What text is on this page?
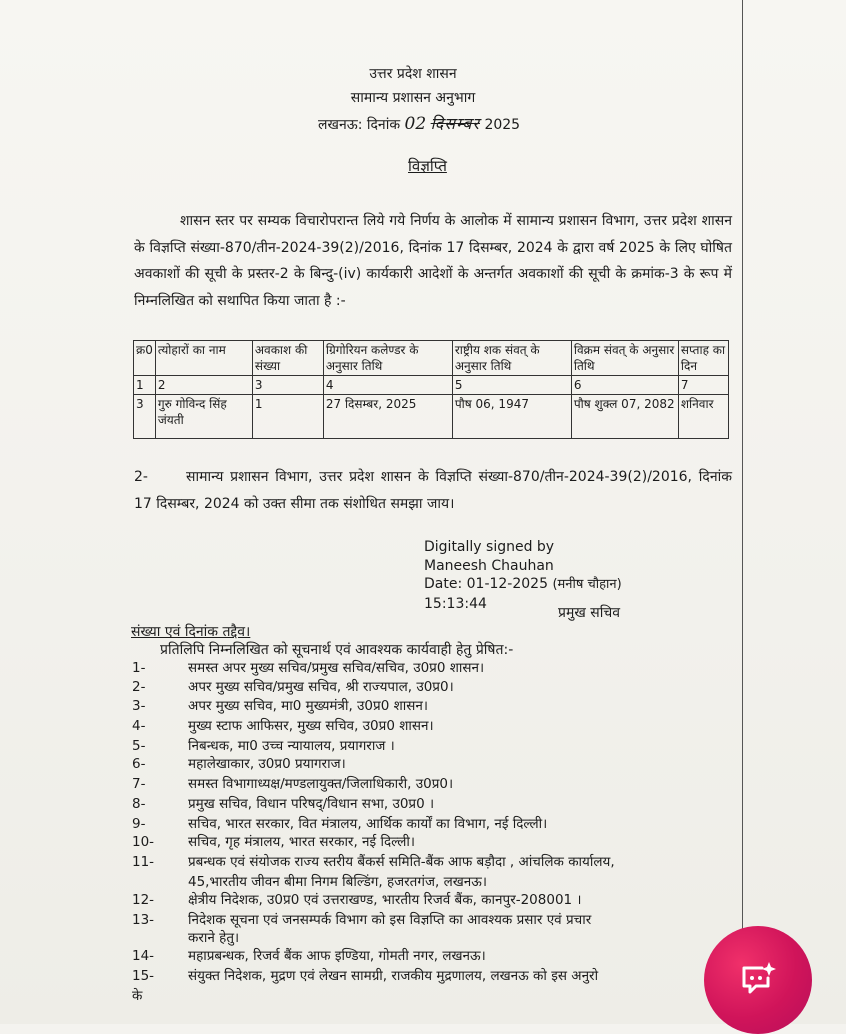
उत्तर प्रदेश शासन
सामान्य प्रशासन अनुभाग
लखनऊ: दिनांक 02 दिसम्बर 2025
विज्ञप्ति
शासन स्तर पर सम्यक विचारोपरान्त लिये गये निर्णय के आलोक में सामान्य प्रशासन विभाग, उत्तर प्रदेश शासन के विज्ञप्ति संख्या-870/तीन-2024-39(2)/2016, दिनांक 17 दिसम्बर, 2024 के द्वारा वर्ष 2025 के लिए घोषित अवकाशों की सूची के प्रस्तर-2 के बिन्दु-(iv) कार्यकारी आदेशों के अन्तर्गत अवकाशों की सूची के क्रमांक-3 के रूप में निम्नलिखित को सथापित किया जाता है :-
क्र0	त्योहारों का नाम	अवकाश की संख्या	ग्रिगोरियन कलेण्डर के अनुसार तिथि	राष्ट्रीय शक संवत् के अनुसार तिथि	विक्रम संवत् के अनुसार तिथि	सप्ताह का दिन
1	2	3	4	5	6	7
3	गुरु गोविन्द सिंह जंयती	1	27 दिसम्बर, 2025	पौष 06, 1947	पौष शुक्ल 07, 2082	शनिवार
2-	सामान्य प्रशासन विभाग, उत्तर प्रदेश शासन के विज्ञप्ति संख्या-870/तीन-2024-39(2)/2016, दिनांक 17 दिसम्बर, 2024 को उक्त सीमा तक संशोधित समझा जाय।
Digitally signed by
Maneesh Chauhan
Date: 01-12-2025 (मनीष चौहान)
15:13:44
प्रमुख सचिव
संख्या एवं दिनांक तद्दैव।
प्रतिलिपि निम्नलिखित को सूचनार्थ एवं आवश्यक कार्यवाही हेतु प्रेषित:-
1-	समस्त अपर मुख्य सचिव/प्रमुख सचिव/सचिव, उ0प्र0 शासन।
2-	अपर मुख्य सचिव/प्रमुख सचिव, श्री राज्यपाल, उ0प्र0।
3-	अपर मुख्य सचिव, मा0 मुख्यमंत्री, उ0प्र0 शासन।
4-	मुख्य स्टाफ आफिसर, मुख्य सचिव, उ0प्र0 शासन।
5-	निबन्धक, मा0 उच्च न्यायालय, प्रयागराज ।
6-	महालेखाकार, उ0प्र0 प्रयागराज।
7-	समस्त विभागाध्यक्ष/मण्डलायुक्त/जिलाधिकारी, उ0प्र0।
8-	प्रमुख सचिव, विधान परिषद्/विधान सभा, उ0प्र0 ।
9-	सचिव, भारत सरकार, वित मंत्रालय, आर्थिक कार्यों का विभाग, नई दिल्ली।
10-	सचिव, गृह मंत्रालय, भारत सरकार, नई दिल्ली।
11-	प्रबन्धक एवं संयोजक राज्य स्तरीय बैंकर्स समिति-बैंक आफ बड़ौदा , आंचलिक कार्यालय,
45,भारतीय जीवन बीमा निगम बिल्डिंग, हजरतगंज, लखनऊ।
12-	क्षेत्रीय निदेशक, उ0प्र0 एवं उत्तराखण्ड, भारतीय रिजर्व बैंक, कानपुर-208001 ।
13-	निदेशक सूचना एवं जनसम्पर्क विभाग को इस विज्ञप्ति का आवश्यक प्रसार एवं प्रचार
कराने हेतु।
14-	महाप्रबन्धक, रिजर्व बैंक आफ इण्डिया, गोमती नगर, लखनऊ।
15-	संयुक्त निदेशक, मुद्रण एवं लेखन सामग्री, राजकीय मुद्रणालय, लखनऊ को इस अनुरो
के
